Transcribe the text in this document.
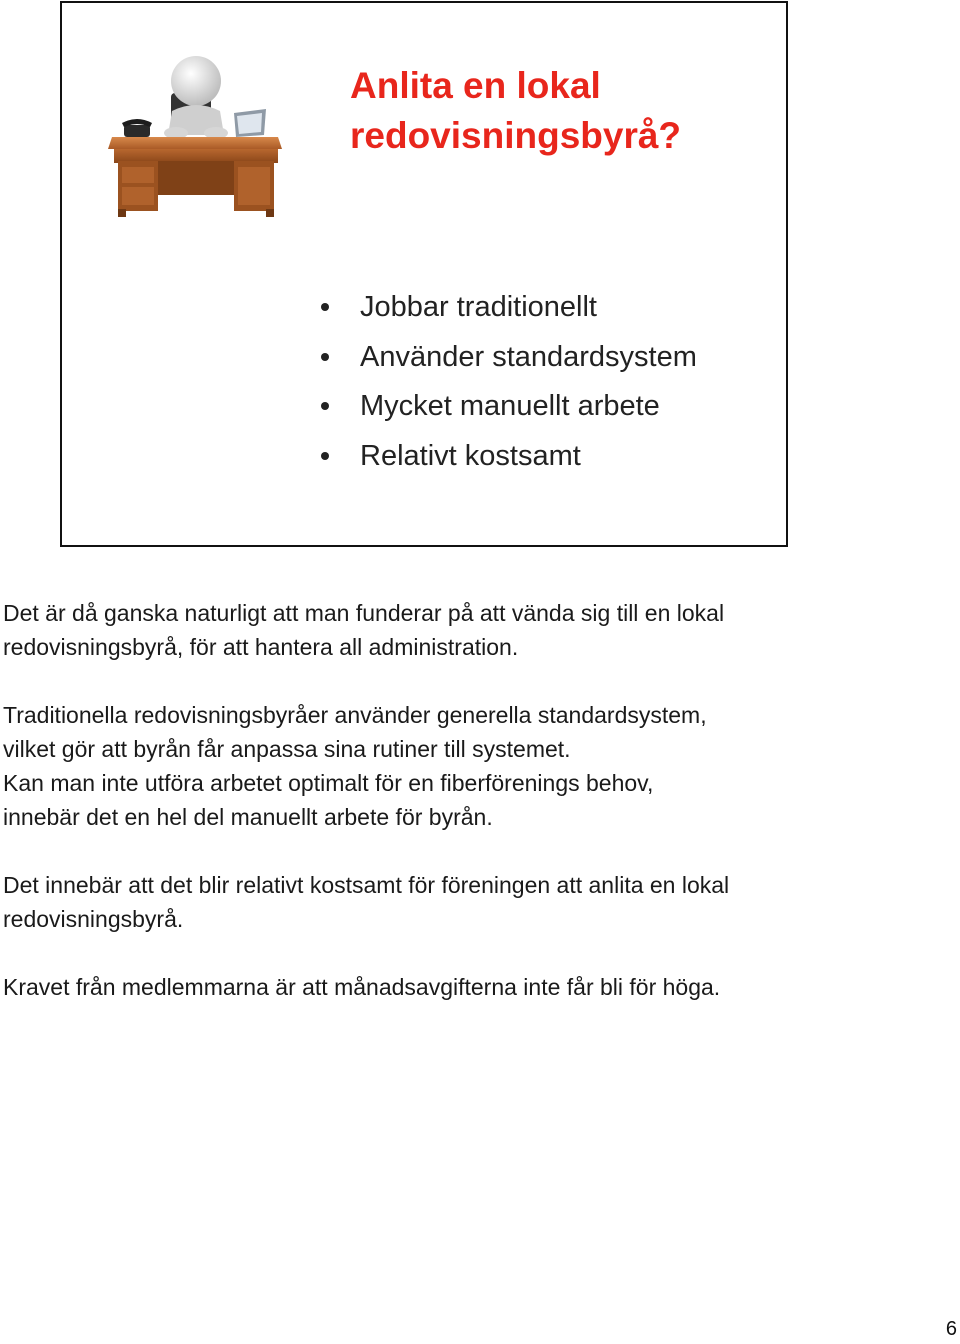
Anlita en lokal redovisningsbyrå?
Jobbar traditionellt
Använder standardsystem
Mycket manuellt arbete
Relativt kostsamt

Det är då ganska naturligt att man funderar på att vända sig till en lokal
redovisningsbyrå, för att hantera all administration.

Traditionella redovisningsbyråer använder generella standardsystem,
vilket gör att byrån får anpassa sina rutiner till systemet.
Kan man inte utföra arbetet optimalt för en fiberförenings behov,
innebär det en hel del manuellt arbete för byrån.

Det innebär att det blir relativt kostsamt för föreningen att anlita en lokal
redovisningsbyrå.

Kravet från medlemmarna är att månadsavgifterna inte får bli för höga.

6
